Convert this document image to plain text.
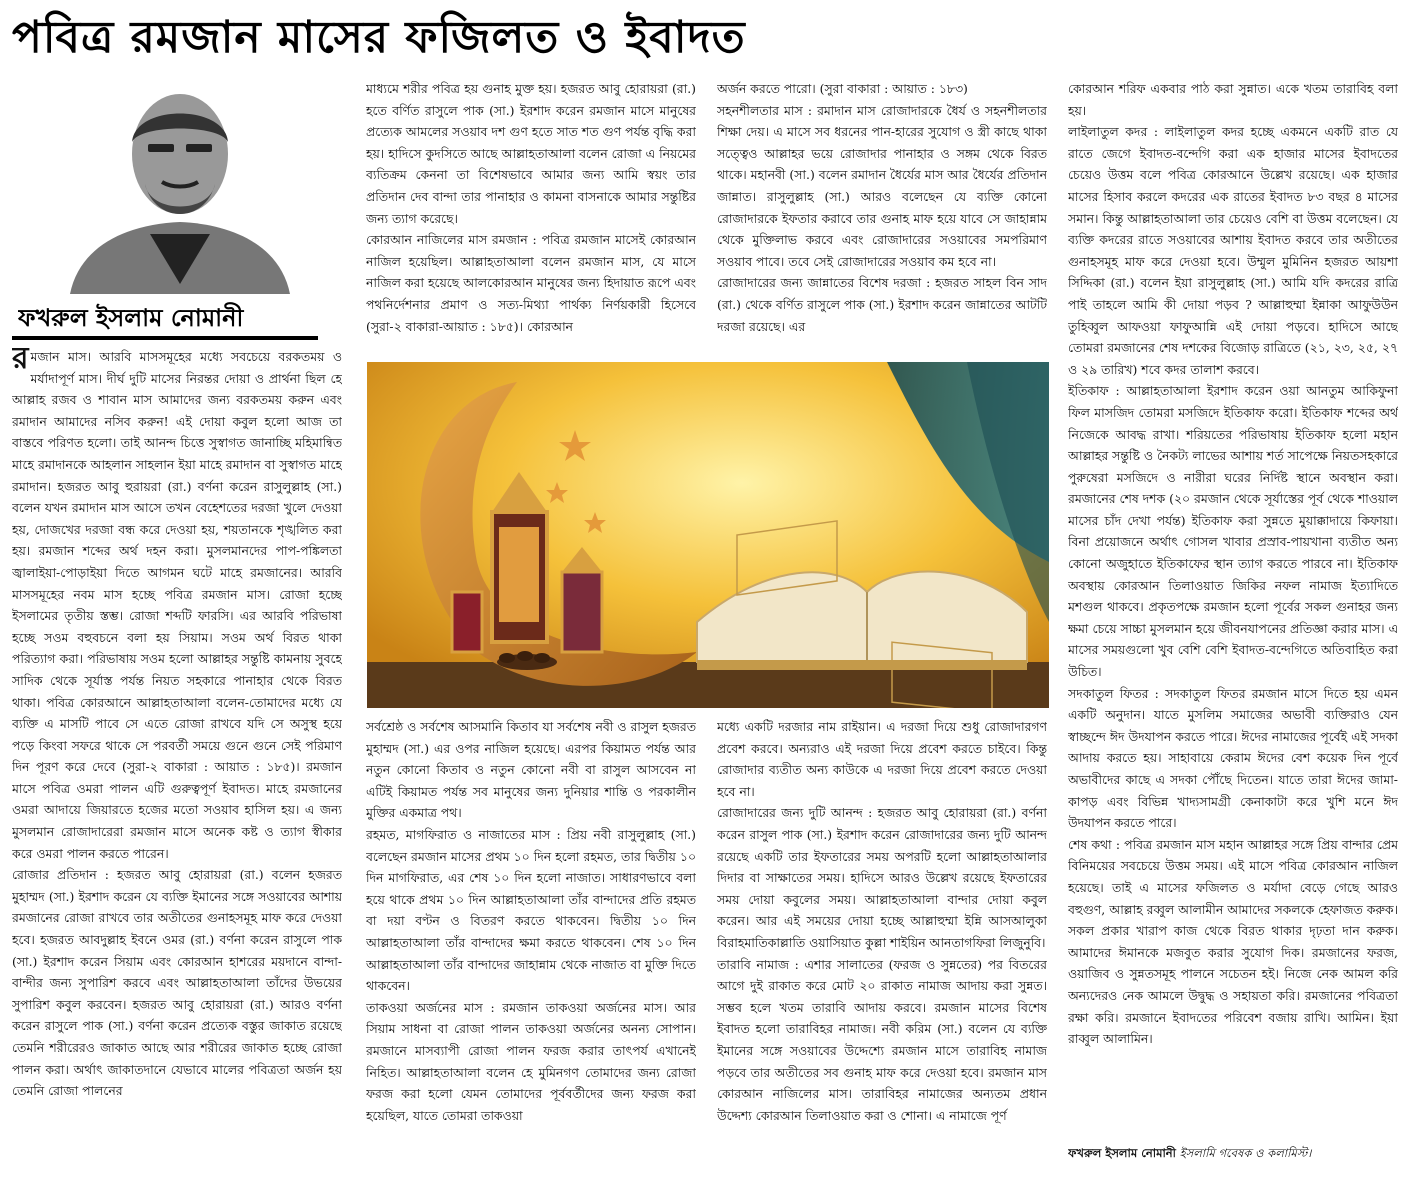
পবিত্র রমজান মাসের ফজিলত ও ইবাদত
ফখরুল ইসলাম নোমানী

রমজান মাস। আরবি মাসসমূহের মধ্যে সবচেয়ে বরকতময় ও মর্যাদাপূর্ণ মাস। দীর্ঘ দুটি মাসের নিরন্তর দোয়া ও প্রার্থনা ছিল হে আল্লাহ রজব ও শাবান মাস আমাদের জন্য বরকতময় করুন এবং রমাদান আমাদের নসিব করুন! এই দোয়া কবুল হলো আজ তা বাস্তবে পরিণত হলো। তাই আনন্দ চিত্তে সুস্বাগত জানাচ্ছি মহিমান্বিত মাহে রমাদানকে আহলান সাহলান ইয়া মাহে রমাদান বা সুস্বাগত মাহে রমাদান। হজরত আবু হুরায়রা (রা.) বর্ণনা করেন রাসুলুল্লাহ (সা.) বলেন যখন রমাদান মাস আসে তখন বেহেশতের দরজা খুলে দেওয়া হয়, দোজখের দরজা বন্ধ করে দেওয়া হয়, শয়তানকে শৃঙ্খলিত করা হয়। রমজান শব্দের অর্থ দহন করা। মুসলমানদের পাপ-পঙ্কিলতা জ্বালাইয়া-পোড়াইয়া দিতে আগমন ঘটে মাহে রমজানের। আরবি মাসসমূহের নবম মাস হচ্ছে পবিত্র রমজান মাস। রোজা হচ্ছে ইসলামের তৃতীয় স্তম্ভ। রোজা শব্দটি ফারসি। এর আরবি পরিভাষা হচ্ছে সওম বহুবচনে বলা হয় সিয়াম। সওম অর্থ বিরত থাকা পরিত্যাগ করা। পরিভাষায় সওম হলো আল্লাহর সন্তুষ্টি কামনায় সুবহে সাদিক থেকে সূর্যাস্ত পর্যন্ত নিয়ত সহকারে পানাহার থেকে বিরত থাকা। পবিত্র কোরআনে আল্লাহতাআলা বলেন-তোমাদের মধ্যে যে ব্যক্তি এ মাসটি পাবে সে এতে রোজা রাখবে যদি সে অসুস্থ হয়ে পড়ে কিংবা সফরে থাকে সে পরবর্তী সময়ে গুনে গুনে সেই পরিমাণ দিন পূরণ করে দেবে (সুরা-২ বাকারা : আয়াত : ১৮৫)। রমজান মাসে পবিত্র ওমরা পালন এটি গুরুত্বপূর্ণ ইবাদত। মাহে রমজানের ওমরা আদায়ে জিয়ারতে হজের মতো সওয়াব হাসিল হয়। এ জন্য মুসলমান রোজাদারেরা রমজান মাসে অনেক কষ্ট ও ত্যাগ স্বীকার করে ওমরা পালন করতে পারেন।

রোজার প্রতিদান : হজরত আবু হোরায়রা (রা.) বলেন হজরত মুহাম্মদ (সা.) ইরশাদ করেন যে ব্যক্তি ইমানের সঙ্গে সওয়াবের আশায় রমজানের রোজা রাখবে তার অতীতের গুনাহসমূহ মাফ করে দেওয়া হবে। হজরত আবদুল্লাহ ইবনে ওমর (রা.) বর্ণনা করেন রাসুলে পাক (সা.) ইরশাদ করেন সিয়াম এবং কোরআন হাশরের ময়দানে বান্দা-বান্দীর জন্য সুপারিশ করবে এবং আল্লাহতাআলা তাঁদের উভয়ের সুপারিশ কবুল করবেন। হজরত আবু হোরায়রা (রা.) আরও বর্ণনা করেন রাসুলে পাক (সা.) বর্ণনা করেন প্রত্যেক বস্তুর জাকাত রয়েছে তেমনি শরীরেরও জাকাত আছে আর শরীরের জাকাত হচ্ছে রোজা পালন করা। অর্থাৎ জাকাতদানে যেভাবে মালের পবিত্রতা অর্জন হয় তেমনি রোজা পালনের

মাধ্যমে শরীর পবিত্র হয় গুনাহ মুক্ত হয়। হজরত আবু হোরায়রা (রা.) হতে বর্ণিত রাসুলে পাক (সা.) ইরশাদ করেন রমজান মাসে মানুষের প্রত্যেক আমলের সওয়াব দশ গুণ হতে সাত শত গুণ পর্যন্ত বৃদ্ধি করা হয়। হাদিসে কুদসিতে আছে আল্লাহতাআলা বলেন রোজা এ নিয়মের ব্যতিক্রম কেননা তা বিশেষভাবে আমার জন্য আমি স্বয়ং তার প্রতিদান দেব বান্দা তার পানাহার ও কামনা বাসনাকে আমার সন্তুষ্টির জন্য ত্যাগ করেছে।

কোরআন নাজিলের মাস রমজান : পবিত্র রমজান মাসেই কোরআন নাজিল হয়েছিল। আল্লাহতাআলা বলেন রমজান মাস, যে মাসে নাজিল করা হয়েছে আলকোরআন মানুষের জন্য হিদায়াত রূপে এবং পথনির্দেশনার প্রমাণ ও সত্য-মিথ্যা পার্থক্য নির্ণয়কারী হিসেবে (সুরা-২ বাকারা-আয়াত : ১৮৫)। কোরআন

অর্জন করতে পারো। (সুরা বাকারা : আয়াত : ১৮৩)

সহনশীলতার মাস : রমাদান মাস রোজাদারকে ধৈর্য ও সহনশীলতার শিক্ষা দেয়। এ মাসে সব ধরনের পান-হারের সুযোগ ও স্ত্রী কাছে থাকা সত্ত্বেও আল্লাহর ভয়ে রোজাদার পানাহার ও সঙ্গম থেকে বিরত থাকে। মহানবী (সা.) বলেন রমাদান ধৈর্যের মাস আর ধৈর্যের প্রতিদান জান্নাত। রাসুলুল্লাহ (সা.) আরও বলেছেন যে ব্যক্তি কোনো রোজাদারকে ইফতার করাবে তার গুনাহ মাফ হয়ে যাবে সে জাহান্নাম থেকে মুক্তিলাভ করবে এবং রোজাদারের সওয়াবের সমপরিমাণ সওয়াব পাবে। তবে সেই রোজাদারের সওয়াব কম হবে না।

রোজাদারের জন্য জান্নাতের বিশেষ দরজা : হজরত সাহল বিন সাদ (রা.) থেকে বর্ণিত রাসুলে পাক (সা.) ইরশাদ করেন জান্নাতের আটটি দরজা রয়েছে। এর

কোরআন শরিফ একবার পাঠ করা সুন্নাত। একে খতম তারাবিহ বলা হয়।

লাইলাতুল কদর : লাইলাতুল কদর হচ্ছে একমনে একটি রাত যে রাতে জেগে ইবাদত-বন্দেগি করা এক হাজার মাসের ইবাদতের চেয়েও উত্তম বলে পবিত্র কোরআনে উল্লেখ রয়েছে। এক হাজার মাসের হিসাব করলে কদরের এক রাতের ইবাদত ৮৩ বছর ৪ মাসের সমান। কিন্তু আল্লাহতাআলা তার চেয়েও বেশি বা উত্তম বলেছেন। যে ব্যক্তি কদরের রাতে সওয়াবের আশায় ইবাদত করবে তার অতীতের গুনাহসমূহ মাফ করে দেওয়া হবে। উম্মুল মুমিনিন হজরত আয়শা সিদ্দিকা (রা.) বলেন ইয়া রাসুলুল্লাহ (সা.) আমি যদি কদরের রাত্রি পাই তাহলে আমি কী দোয়া পড়ব ? আল্লাহুম্মা ইন্নাকা আফুউউন তুহিব্বুল আফওয়া ফাফুআন্নি এই দোয়া পড়বে। হাদিসে আছে তোমরা রমজানের শেষ দশকের বিজোড় রাত্রিতে (২১, ২৩, ২৫, ২৭ ও ২৯ তারিখ) শবে কদর তালাশ করবে।

ইতিকাফ : আল্লাহতাআলা ইরশাদ করেন ওয়া আনতুম আকিফুনা ফিল মাসজিদ তোমরা মসজিদে ইতিকাফ করো। ইতিকাফ শব্দের অর্থ নিজেকে আবদ্ধ রাখা। শরিয়তের পরিভাষায় ইতিকাফ হলো মহান আল্লাহর সন্তুষ্টি ও নৈকট্য লাভের আশায় শর্ত সাপেক্ষে নিয়তসহকারে পুরুষেরা মসজিদে ও নারীরা ঘরের নির্দিষ্ট স্থানে অবস্থান করা। রমজানের শেষ দশক (২০ রমজান থেকে সূর্যাস্তের পূর্ব থেকে শাওয়াল মাসের চাঁদ দেখা পর্যন্ত) ইতিকাফ করা সুন্নতে মুয়াক্কাদায়ে কিফায়া। বিনা প্রয়োজনে অর্থাৎ গোসল খাবার প্রস্রাব-পায়খানা ব্যতীত অন্য কোনো অজুহাতে ইতিকাফের স্থান ত্যাগ করতে পারবে না। ইতিকাফ অবস্থায় কোরআন তিলাওয়াত জিকির নফল নামাজ ইত্যাদিতে মশগুল থাকবে। প্রকৃতপক্ষে রমজান হলো পূর্বের সকল গুনাহর জন্য ক্ষমা চেয়ে সাচ্চা মুসলমান হয়ে জীবনযাপনের প্রতিজ্ঞা করার মাস। এ মাসের সময়গুলো খুব বেশি বেশি ইবাদত-বন্দেগিতে অতিবাহিত করা উচিত।

সদকাতুল ফিতর : সদকাতুল ফিতর রমজান মাসে দিতে হয় এমন একটি অনুদান। যাতে মুসলিম সমাজের অভাবী ব্যক্তিরাও যেন স্বাচ্ছন্দে ঈদ উদযাপন করতে পারে। ঈদের নামাজের পূর্বেই এই সদকা আদায় করতে হয়। সাহাবায়ে কেরাম ঈদের বেশ কয়েক দিন পূর্বে অভাবীদের কাছে এ সদকা পৌঁছে দিতেন। যাতে তারা ঈদের জামা-কাপড় এবং বিভিন্ন খাদ্যসামগ্রী কেনাকাটা করে খুশি মনে ঈদ উদযাপন করতে পারে।

শেষ কথা : পবিত্র রমজান মাস মহান আল্লাহর সঙ্গে প্রিয় বান্দার প্রেম বিনিময়ের সবচেয়ে উত্তম সময়। এই মাসে পবিত্র কোরআন নাজিল হয়েছে। তাই এ মাসের ফজিলত ও মর্যাদা বেড়ে গেছে আরও বহুগুণ, আল্লাহ রব্বুল আলামীন আমাদের সকলকে হেফাজত করুক। সকল প্রকার খারাপ কাজ থেকে বিরত থাকার দৃঢ়তা দান করুক। আমাদের ঈমানকে মজবুত করার সুযোগ দিক। রমজানের ফরজ, ওয়াজিব ও সুন্নতসমূহ পালনে সচেতন হই। নিজে নেক আমল করি অন্যদেরও নেক আমলে উদ্বুদ্ধ ও সহায়তা করি। রমজানের পবিত্রতা রক্ষা করি। রমজানে ইবাদতের পরিবেশ বজায় রাখি। আমিন। ইয়া রাব্বুল আলামিন।

সর্বশ্রেষ্ঠ ও সর্বশেষ আসমানি কিতাব যা সর্বশেষ নবী ও রাসুল হজরত মুহাম্মদ (সা.) এর ওপর নাজিল হয়েছে। এরপর কিয়ামত পর্যন্ত আর নতুন কোনো কিতাব ও নতুন কোনো নবী বা রাসুল আসবেন না এটিই কিয়ামত পর্যন্ত সব মানুষের জন্য দুনিয়ার শান্তি ও পরকালীন মুক্তির একমাত্র পথ।

রহমত, মাগফিরাত ও নাজাতের মাস : প্রিয় নবী রাসুলুল্লাহ (সা.) বলেছেন রমজান মাসের প্রথম ১০ দিন হলো রহমত, তার দ্বিতীয় ১০ দিন মাগফিরাত, এর শেষ ১০ দিন হলো নাজাত। সাধারণভাবে বলা হয়ে থাকে প্রথম ১০ দিন আল্লাহতাআলা তাঁর বান্দাদের প্রতি রহমত বা দয়া বণ্টন ও বিতরণ করতে থাকবেন। দ্বিতীয় ১০ দিন আল্লাহতাআলা তাঁর বান্দাদের ক্ষমা করতে থাকবেন। শেষ ১০ দিন আল্লাহতাআলা তাঁর বান্দাদের জাহান্নাম থেকে নাজাত বা মুক্তি দিতে থাকবেন।

তাকওয়া অর্জনের মাস : রমজান তাকওয়া অর্জনের মাস। আর সিয়াম সাধনা বা রোজা পালন তাকওয়া অর্জনের অনন্য সোপান। রমজানে মাসব্যাপী রোজা পালন ফরজ করার তাৎপর্য এখানেই নিহিত। আল্লাহতাআলা বলেন হে মুমিনগণ তোমাদের জন্য রোজা ফরজ করা হলো যেমন তোমাদের পূর্ববর্তীদের জন্য ফরজ করা হয়েছিল, যাতে তোমরা তাকওয়া

মধ্যে একটি দরজার নাম রাইয়ান। এ দরজা দিয়ে শুধু রোজাদারগণ প্রবেশ করবে। অন্যরাও এই দরজা দিয়ে প্রবেশ করতে চাইবে। কিন্তু রোজাদার ব্যতীত অন্য কাউকে এ দরজা দিয়ে প্রবেশ করতে দেওয়া হবে না।

রোজাদারের জন্য দুটি আনন্দ : হজরত আবু হোরায়রা (রা.) বর্ণনা করেন রাসুল পাক (সা.) ইরশাদ করেন রোজাদারের জন্য দুটি আনন্দ রয়েছে একটি তার ইফতারের সময় অপরটি হলো আল্লাহতাআলার দিদার বা সাক্ষাতের সময়। হাদিসে আরও উল্লেখ রয়েছে ইফতারের সময় দোয়া কবুলের সময়। আল্লাহতাআলা বান্দার দোয়া কবুল করেন। আর এই সময়ের দোয়া হচ্ছে আল্লাহুম্মা ইন্নি আসআলুকা বিরাহমাতিকাল্লাতি ওয়াসিয়াত কুল্লা শাইয়িন আনতাগফিরা লিজুনুবি।

তারাবি নামাজ : এশার সালাতের (ফরজ ও সুন্নতের) পর বিতরের আগে দুই রাকাত করে মোট ২০ রাকাত নামাজ আদায় করা সুন্নত। সম্ভব হলে খতম তারাবি আদায় করবে। রমজান মাসের বিশেষ ইবাদত হলো তারাবিহর নামাজ। নবী করিম (সা.) বলেন যে ব্যক্তি ইমানের সঙ্গে সওয়াবের উদ্দেশ্যে রমজান মাসে তারাবিহ নামাজ পড়বে তার অতীতের সব গুনাহ মাফ করে দেওয়া হবে। রমজান মাস কোরআন নাজিলের মাস। তারাবিহর নামাজের অন্যতম প্রধান উদ্দেশ্য কোরআন তিলাওয়াত করা ও শোনা। এ নামাজে পূর্ণ

ফখরুল ইসলাম নোমানী ইসলামি গবেষক ও কলামিস্ট।
